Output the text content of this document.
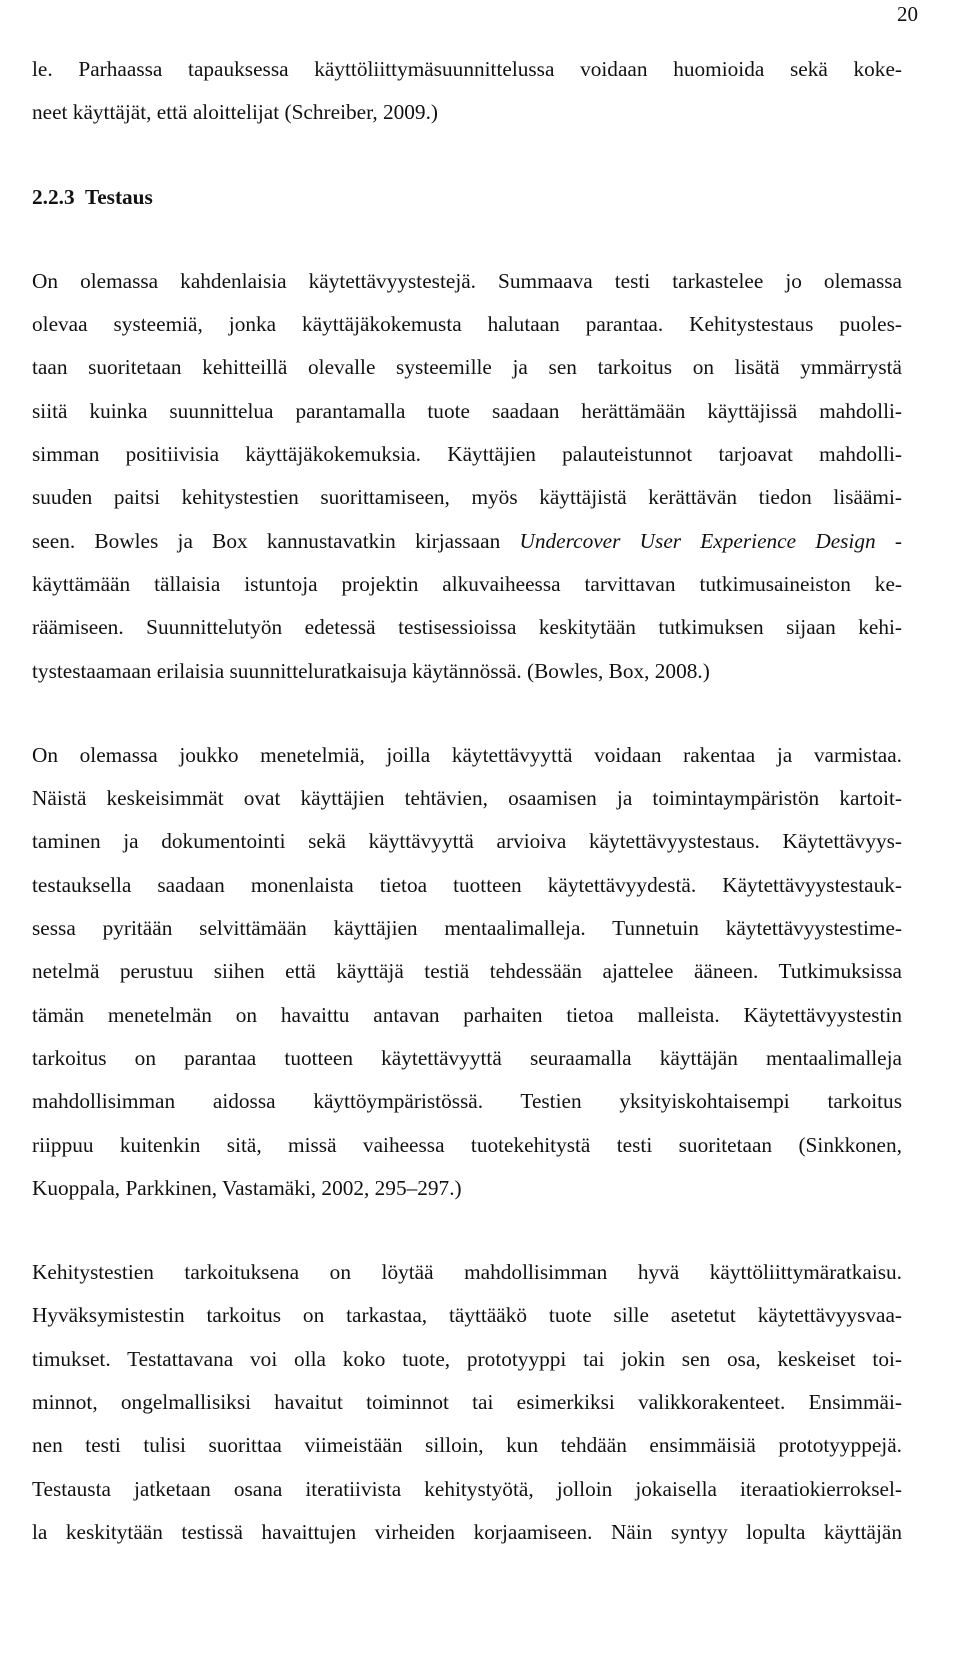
20
le. Parhaassa tapauksessa käyttöliittymäsuunnittelussa voidaan huomioida sekä koke-
neet käyttäjät, että aloittelijat (Schreiber, 2009.)
2.2.3 Testaus
On olemassa kahdenlaisia käytettävyystestejä. Summaava testi tarkastelee jo olemassa
olevaa systeemiä, jonka käyttäjäkokemusta halutaan parantaa. Kehitystestaus puoles-
taan suoritetaan kehitteillä olevalle systeemille ja sen tarkoitus on lisätä ymmärrystä
siitä kuinka suunnittelua parantamalla tuote saadaan herättämään käyttäjissä mahdolli-
simman positiivisia käyttäjäkokemuksia. Käyttäjien palauteistunnot tarjoavat mahdolli-
suuden paitsi kehitystestien suorittamiseen, myös käyttäjistä kerättävän tiedon lisäämi-
seen. Bowles ja Box kannustavatkin kirjassaan Undercover User Experience Design -
käyttämään tällaisia istuntoja projektin alkuvaiheessa tarvittavan tutkimusaineiston ke-
räämiseen. Suunnittelutyön edetessä testisessioissa keskitytään tutkimuksen sijaan kehi-
tystestaamaan erilaisia suunnitteluratkaisuja käytännössä. (Bowles, Box, 2008.)
On olemassa joukko menetelmiä, joilla käytettävyyttä voidaan rakentaa ja varmistaa.
Näistä keskeisimmät ovat käyttäjien tehtävien, osaamisen ja toimintaympäristön kartoit-
taminen ja dokumentointi sekä käyttävyyttä arvioiva käytettävyystestaus. Käytettävyys-
testauksella saadaan monenlaista tietoa tuotteen käytettävyydestä. Käytettävyystestauk-
sessa pyritään selvittämään käyttäjien mentaalimalleja. Tunnetuin käytettävyystestime-
netelmä perustuu siihen että käyttäjä testiä tehdessään ajattelee ääneen. Tutkimuksissa
tämän menetelmän on havaittu antavan parhaiten tietoa malleista. Käytettävyystestin
tarkoitus on parantaa tuotteen käytettävyyttä seuraamalla käyttäjän mentaalimalleja
mahdollisimman aidossa käyttöympäristössä. Testien yksityiskohtaisempi tarkoitus
riippuu kuitenkin sitä, missä vaiheessa tuotekehitystä testi suoritetaan (Sinkkonen,
Kuoppala, Parkkinen, Vastamäki, 2002, 295–297.)
Kehitystestien tarkoituksena on löytää mahdollisimman hyvä käyttöliittymäratkaisu.
Hyväksymistestin tarkoitus on tarkastaa, täyttääkö tuote sille asetetut käytettävyysvaa-
timukset. Testattavana voi olla koko tuote, prototyyppi tai jokin sen osa, keskeiset toi-
minnot, ongelmallisiksi havaitut toiminnot tai esimerkiksi valikkorakenteet. Ensimmäi-
nen testi tulisi suorittaa viimeistään silloin, kun tehdään ensimmäisiä prototyyppejä.
Testausta jatketaan osana iteratiivista kehitystyötä, jolloin jokaisella iteraatiokierroksel-
la keskitytään testissä havaittujen virheiden korjaamiseen. Näin syntyy lopulta käyttäjän
